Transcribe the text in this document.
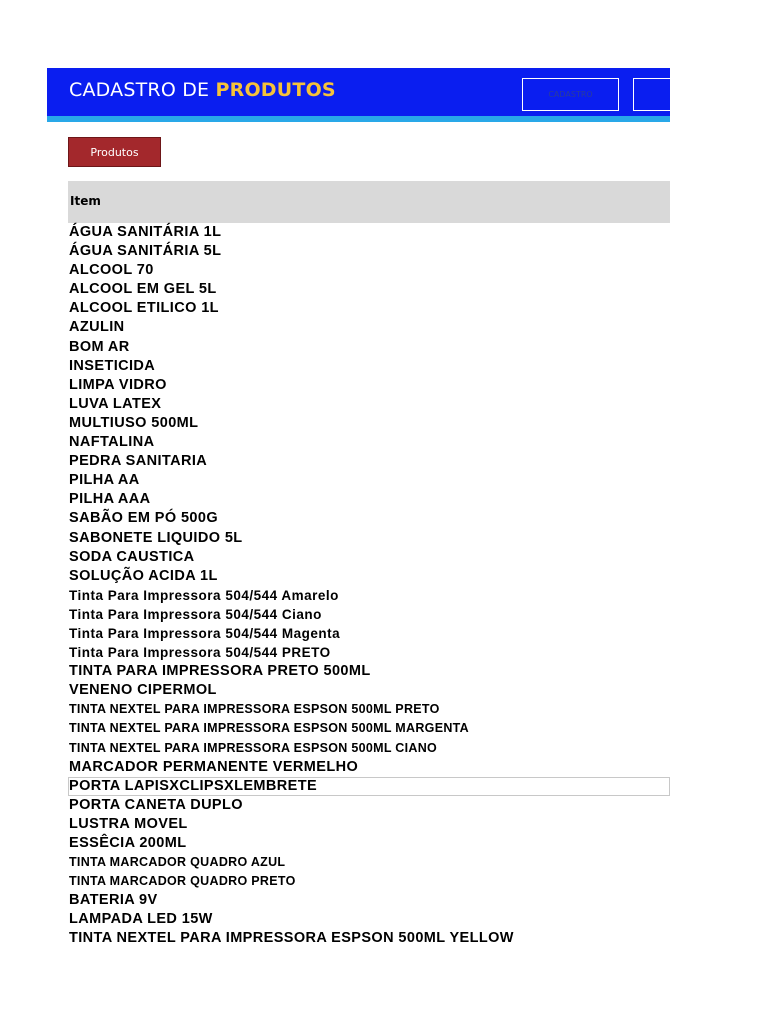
CADASTRO DE PRODUTOS	CADASTRO
Produtos
Item
ÁGUA SANITÁRIA 1L
ÁGUA SANITÁRIA 5L
ALCOOL 70
ALCOOL EM GEL 5L
ALCOOL ETILICO 1L
AZULIN
BOM AR
INSETICIDA
LIMPA VIDRO
LUVA LATEX
MULTIUSO 500ML
NAFTALINA
PEDRA SANITARIA
PILHA AA
PILHA AAA
SABÃO EM PÓ 500G
SABONETE LIQUIDO 5L
SODA CAUSTICA
SOLUÇÃO ACIDA 1L
Tinta Para Impressora 504/544 Amarelo
Tinta Para Impressora 504/544 Ciano
Tinta Para Impressora 504/544 Magenta
Tinta Para Impressora 504/544 PRETO
TINTA PARA IMPRESSORA PRETO 500ML
VENENO CIPERMOL
TINTA NEXTEL PARA IMPRESSORA ESPSON 500ML PRETO
TINTA NEXTEL PARA IMPRESSORA ESPSON 500ML MARGENTA
TINTA NEXTEL PARA IMPRESSORA ESPSON 500ML CIANO
MARCADOR PERMANENTE VERMELHO
PORTA LAPISXCLIPSXLEMBRETE
PORTA CANETA DUPLO
LUSTRA MOVEL
ESSÊCIA 200ML
TINTA MARCADOR QUADRO AZUL
TINTA MARCADOR QUADRO PRETO
BATERIA 9V
LAMPADA LED 15W
TINTA NEXTEL PARA IMPRESSORA ESPSON 500ML YELLOW
